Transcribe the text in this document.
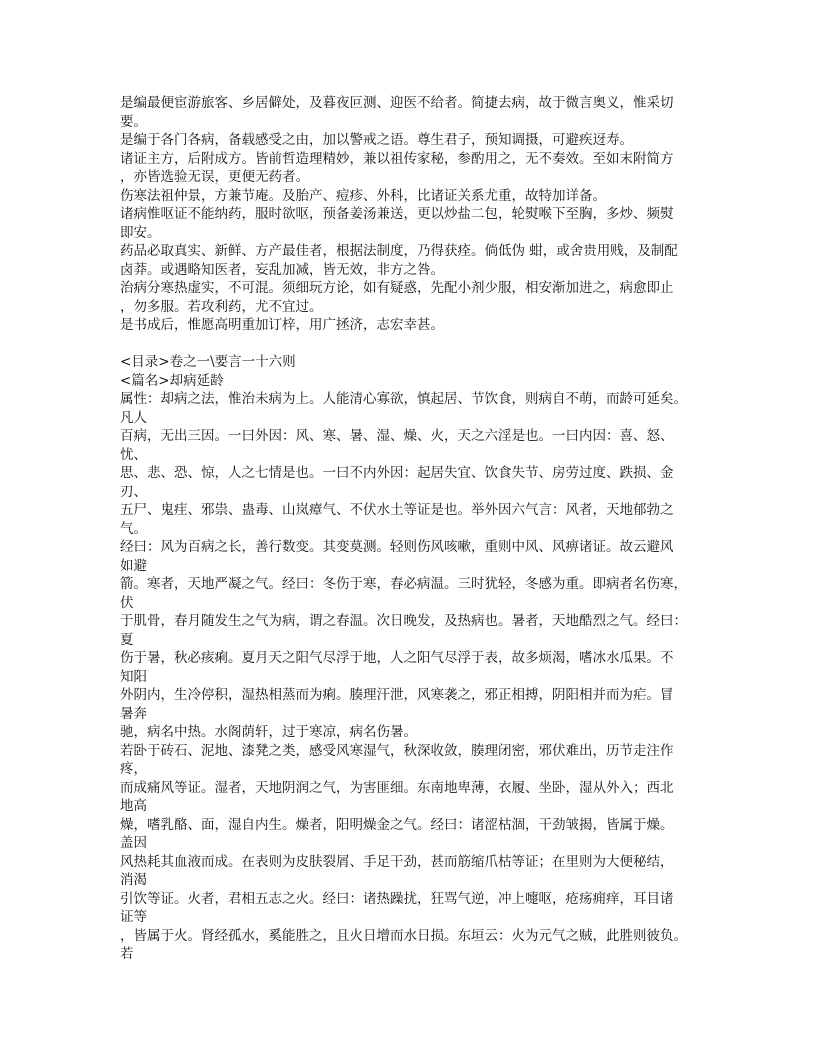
是编最便宦游旅客、乡居僻处，及暮夜叵测、迎医不给者。简捷去病，故于微言奥义，惟采切

要。

是编于各门各病，备载感受之由，加以警戒之语。尊生君子，预知调摄，可避疾迓寿。

诸证主方，后附成方。皆前哲造理精妙，兼以祖传家秘，参酌用之，无不奏效。至如末附简方

，亦皆选验无误，更便无药者。

伤寒法祖仲景，方兼节庵。及胎产、痘疹、外科，比诸证关系尤重，故特加详备。

诸病惟呕证不能纳药，服时欲呕，预备姜汤兼送，更以炒盐二包，轮熨喉下至胸，多炒、频熨

即安。

药品必取真实、新鲜、方产最佳者，根据法制度，乃得获痊。倘低伪 蚶，或舍贵用贱，及制配

卤莽。或遇略知医者，妄乱加减，皆无效，非方之咎。

治病分寒热虚实，不可混。须细玩方论，如有疑惑，先配小剂少服，相安渐加进之，病愈即止

，勿多服。若攻利药，尤不宜过。

是书成后，惟愿高明重加订梓，用广拯济，志宏幸甚。

<目录>卷之一\要言一十六则

<篇名>却病延龄

属性：却病之法，惟治未病为上。人能清心寡欲，慎起居、节饮食，则病自不萌，而龄可延矣。

凡人

百病，无出三因。一曰外因：风、寒、暑、湿、燥、火，天之六淫是也。一曰内因：喜、怒、

忧、

思、悲、恐、惊，人之七情是也。一曰不内外因：起居失宜、饮食失节、房劳过度、跌损、金

刃、

五尸、鬼疰、邪祟、蛊毒、山岚瘴气、不伏水土等证是也。举外因六气言：风者，天地郁勃之

气。

经曰：风为百病之长，善行数变。其变莫测。轻则伤风咳嗽，重则中风、风痹诸证。故云避风

如避

箭。寒者，天地严凝之气。经曰：冬伤于寒，春必病温。三时犹轻，冬感为重。即病者名伤寒，

伏

于肌骨，春月随发生之气为病，谓之春温。次日晚发，及热病也。暑者，天地酷烈之气。经曰：

夏

伤于暑，秋必痎痢。夏月天之阳气尽浮于地，人之阳气尽浮于表，故多烦渴，嗜冰水瓜果。不

知阳

外阴内，生冷停积，湿热相蒸而为痢。腠理汗泄，风寒袭之，邪正相搏，阴阳相并而为疟。冒

暑奔

驰，病名中热。水阁荫轩，过于寒凉，病名伤暑。

若卧于砖石、泥地、漆凳之类，感受风寒湿气，秋深收敛，腠理闭密，邪伏难出，历节走注作

疼，

而成痛风等证。湿者，天地阴润之气，为害匪细。东南地卑薄，衣履、坐卧，湿从外入；西北

地高

燥，嗜乳酪、面，湿自内生。燥者，阳明燥金之气。经曰：诸涩枯涸，干劲皱揭，皆属于燥。

盖因

风热耗其血液而成。在表则为皮肤裂屑、手足干劲，甚而筋缩爪枯等证；在里则为大便秘结，

消渴

引饮等证。火者，君相五志之火。经曰：诸热躁扰，狂骂气逆，冲上嚏呕，疮疡痈痒，耳目诸

证等

，皆属于火。肾经孤水，奚能胜之，且火日增而水日损。东垣云：火为元气之贼，此胜则彼负。

若
